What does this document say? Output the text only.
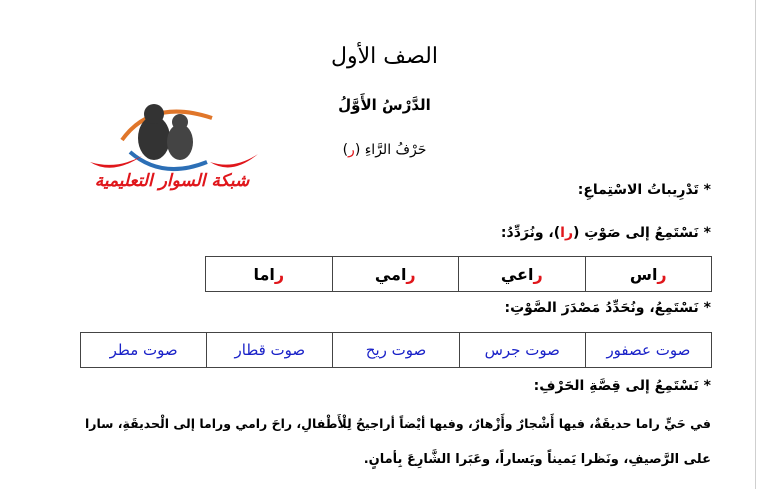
الصف الأول
الدَّرْسُ الأَوَّلُ
حَرْفُ الرَّاءِ (ر)
شبكة السوار التعليمية	* تَدْرِيباتُ الاسْتِماعِ:
* نَسْتَمِعُ إلى صَوْتِ (را)، ونُرَدِّدُ:
راس	راعي	رامي	راما
* نَسْتَمِعُ، ونُحَدِّدُ مَصْدَرَ الصَّوْتِ:
صوت عصفور	صوت جرس	صوت ريح	صوت قطار	صوت مطر
* نَسْتَمِعُ إلى قِصَّةِ الحَرْفِ:
في حَيٍّ راما حديقَةٌ، فيها أَشْجارٌ وأَزْهارٌ، وفيها أيْضاً أراجيحُ لِلْأَطْفالِ، راحَ رامي وراما إلى الْحديقَةِ، سارا
على الرَّصيفِ، ونَظرا يَميناً ويَساراً، وعَبَرا الشَّارِعَ بِأمانٍ.
